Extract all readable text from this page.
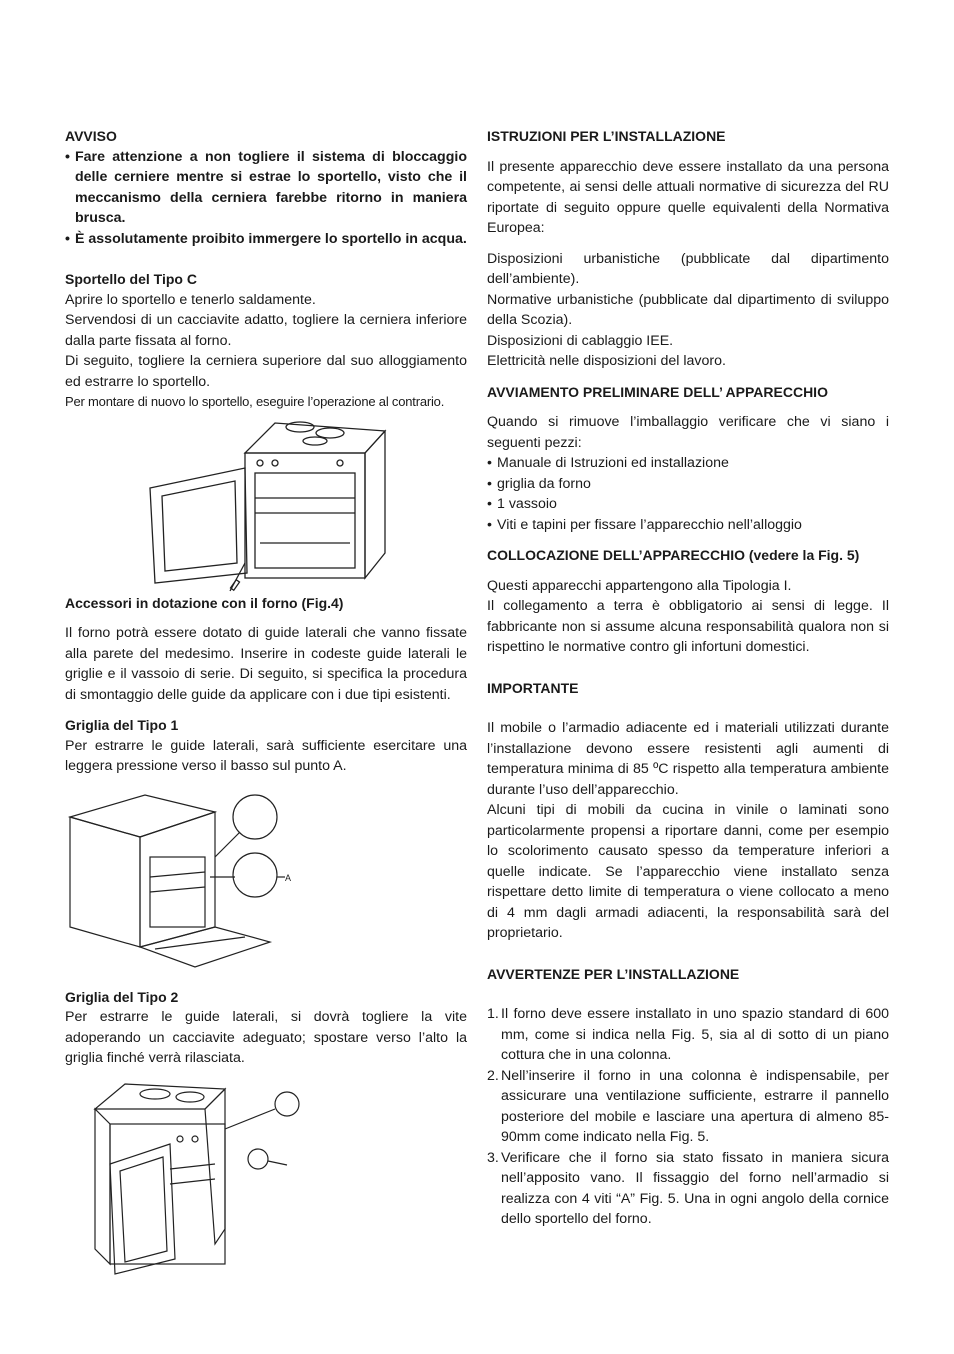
AVVISO

• Fare attenzione a non togliere il sistema di bloccaggio delle cerniere mentre si estrae lo sportello, visto che il meccanismo della cerniera farebbe ritorno in maniera brusca.
• È assolutamente proibito immergere lo sportello in acqua.

Sportello del Tipo C

Aprire lo sportello e tenerlo saldamente.

Servendosi di un cacciavite adatto, togliere la cerniera inferiore dalla parte fissata al forno.

Di seguito, togliere la cerniera superiore dal suo alloggiamento ed estrarre lo sportello.

Per montare di nuovo lo sportello, eseguire l’operazione al contrario.

Accessori in dotazione con il forno (Fig.4)

Il forno potrà essere dotato di guide laterali che vanno fissate alla parete del medesimo. Inserire in codeste guide laterali le griglie e il vassoio di serie. Di seguito, si specifica la procedura di smontaggio delle guide da applicare con i due tipi esistenti.

Griglia del Tipo 1

Per estrarre le guide laterali, sarà sufficiente esercitare una leggera pressione verso il basso sul punto A.

A

Griglia del Tipo 2

Per estrarre le guide laterali, si dovrà togliere la vite adoperando un cacciavite adeguato; spostare verso l’alto la griglia finché verrà rilasciata.

ISTRUZIONI PER L’INSTALLAZIONE

Il presente apparecchio deve essere installato da una persona competente, ai sensi delle attuali normative di sicurezza del RU riportate di seguito oppure quelle equivalenti della Normativa Europea:

Disposizioni urbanistiche (pubblicate dal dipartimento dell’ambiente).

Normative urbanistiche (pubblicate dal dipartimento di sviluppo della Scozia).

Disposizioni di cablaggio IEE.

Elettricità nelle disposizioni del lavoro.

AVVIAMENTO PRELIMINARE DELL’ APPARECCHIO

Quando si rimuove l’imballaggio verificare che vi siano i seguenti pezzi:

• Manuale di Istruzioni ed installazione
• griglia da forno
• 1 vassoio
• Viti e tapini per fissare l’apparecchio nell’alloggio

COLLOCAZIONE DELL’APPARECCHIO (vedere la Fig. 5)

Questi apparecchi appartengono alla Tipologia I.

Il collegamento a terra è obbligatorio ai sensi di legge. Il fabbricante non si assume alcuna responsabilità qualora non si rispettino le normative contro gli infortuni domestici.

IMPORTANTE

Il mobile o l’armadio adiacente ed i materiali utilizzati durante l’installazione devono essere resistenti agli aumenti di temperatura minima di 85 ºC rispetto alla temperatura ambiente durante l’uso dell’apparecchio.

Alcuni tipi di mobili da cucina in vinile o laminati sono particolarmente propensi a riportare danni, come per esempio lo scolorimento causato spesso da temperature inferiori a quelle indicate. Se l’apparecchio viene installato senza rispettare detto limite di temperatura o viene collocato a meno di 4 mm dagli armadi adiacenti, la responsabilità sarà del proprietario.

AVVERTENZE PER L’INSTALLAZIONE

1. Il forno deve essere installato in uno spazio standard di 600 mm, come si indica nella Fig. 5, sia al di sotto di un piano cottura che in una colonna.
2. Nell’inserire il forno in una colonna è indispensabile, per assicurare una ventilazione sufficiente, estrarre il pannello posteriore del mobile e lasciare una apertura di almeno 85-90mm come indicato nella Fig. 5.
3. Verificare che il forno sia stato fissato in maniera sicura nell’apposito vano. Il fissaggio del forno nell’armadio si realizza con 4 viti “A” Fig. 5. Una in ogni angolo della cornice dello sportello del forno.
